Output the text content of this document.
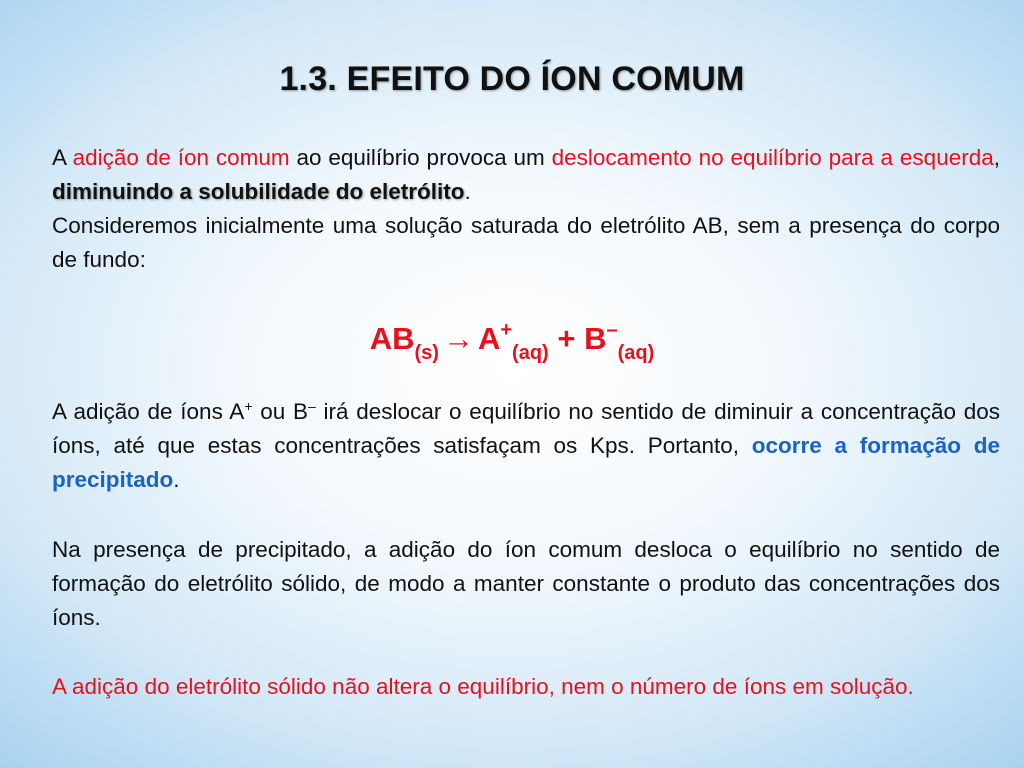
1.3. EFEITO DO ÍON COMUM

A adição de íon comum ao equilíbrio provoca um deslocamento no equilíbrio para a esquerda, diminuindo a solubilidade do eletrólito.
Consideremos inicialmente uma solução saturada do eletrólito AB, sem a presença do corpo de fundo:

$AB_{(s)} \to A^+_{(aq)} + B^-_{(aq)}$

A adição de íons A+ ou B– irá deslocar o equilíbrio no sentido de diminuir a concentração dos íons, até que estas concentrações satisfaçam os Kps. Portanto, ocorre a formação de precipitado.

Na presença de precipitado, a adição do íon comum desloca o equilíbrio no sentido de formação do eletrólito sólido, de modo a manter constante o produto das concentrações dos íons.

A adição do eletrólito sólido não altera o equilíbrio, nem o número de íons em solução.
